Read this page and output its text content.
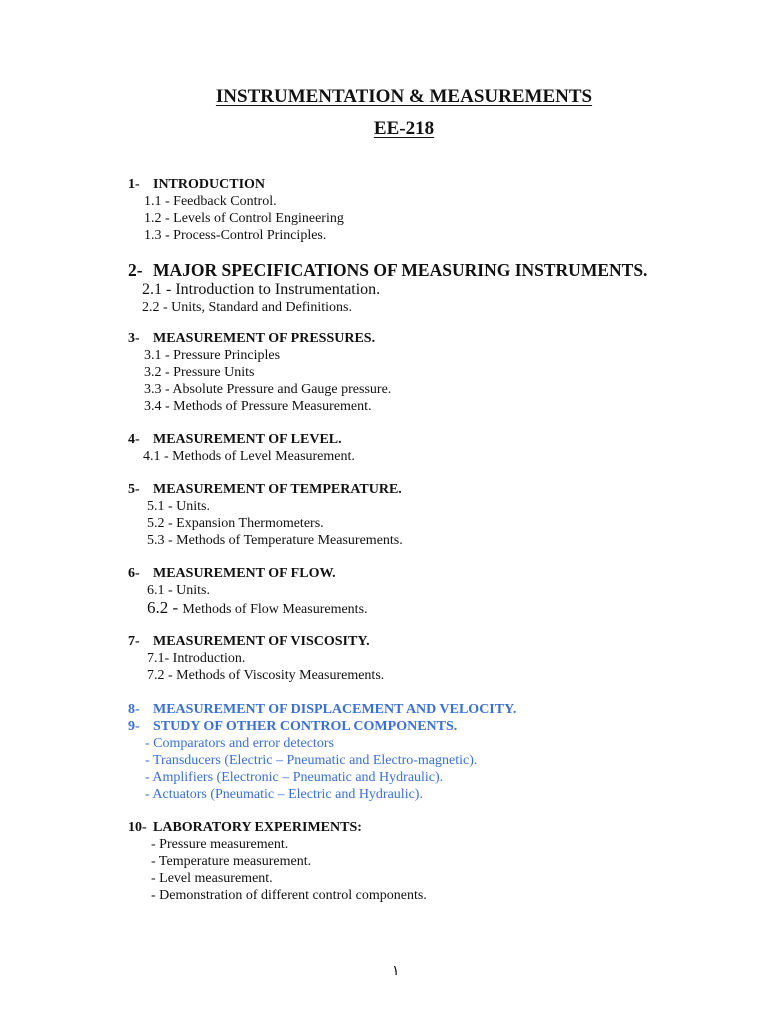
INSTRUMENTATION & MEASUREMENTS
EE-218
1- INTRODUCTION
1.1 - Feedback Control.
1.2 - Levels of Control Engineering
1.3 - Process-Control Principles.
2- MAJOR SPECIFICATIONS OF MEASURING INSTRUMENTS.
2.1 - Introduction to Instrumentation.
2.2 - Units, Standard and Definitions.
3- MEASUREMENT OF PRESSURES.
3.1 - Pressure Principles
3.2 - Pressure Units
3.3 - Absolute Pressure and Gauge pressure.
3.4 - Methods of Pressure Measurement.
4- MEASUREMENT OF LEVEL.
4.1 - Methods of Level Measurement.
5- MEASUREMENT OF TEMPERATURE.
5.1 - Units.
5.2 - Expansion Thermometers.
5.3 - Methods of Temperature Measurements.
6- MEASUREMENT OF FLOW.
6.1 - Units.
6.2 - Methods of Flow Measurements.
7- MEASUREMENT OF VISCOSITY.
7.1- Introduction.
7.2 - Methods of Viscosity Measurements.
8- MEASUREMENT OF DISPLACEMENT AND VELOCITY.
9- STUDY OF OTHER CONTROL COMPONENTS.
- Comparators and error detectors
- Transducers (Electric – Pneumatic and Electro-magnetic).
- Amplifiers (Electronic – Pneumatic and Hydraulic).
- Actuators (Pneumatic – Electric and Hydraulic).
10- LABORATORY EXPERIMENTS:
- Pressure measurement.
- Temperature measurement.
- Level measurement.
- Demonstration of different control components.
١
